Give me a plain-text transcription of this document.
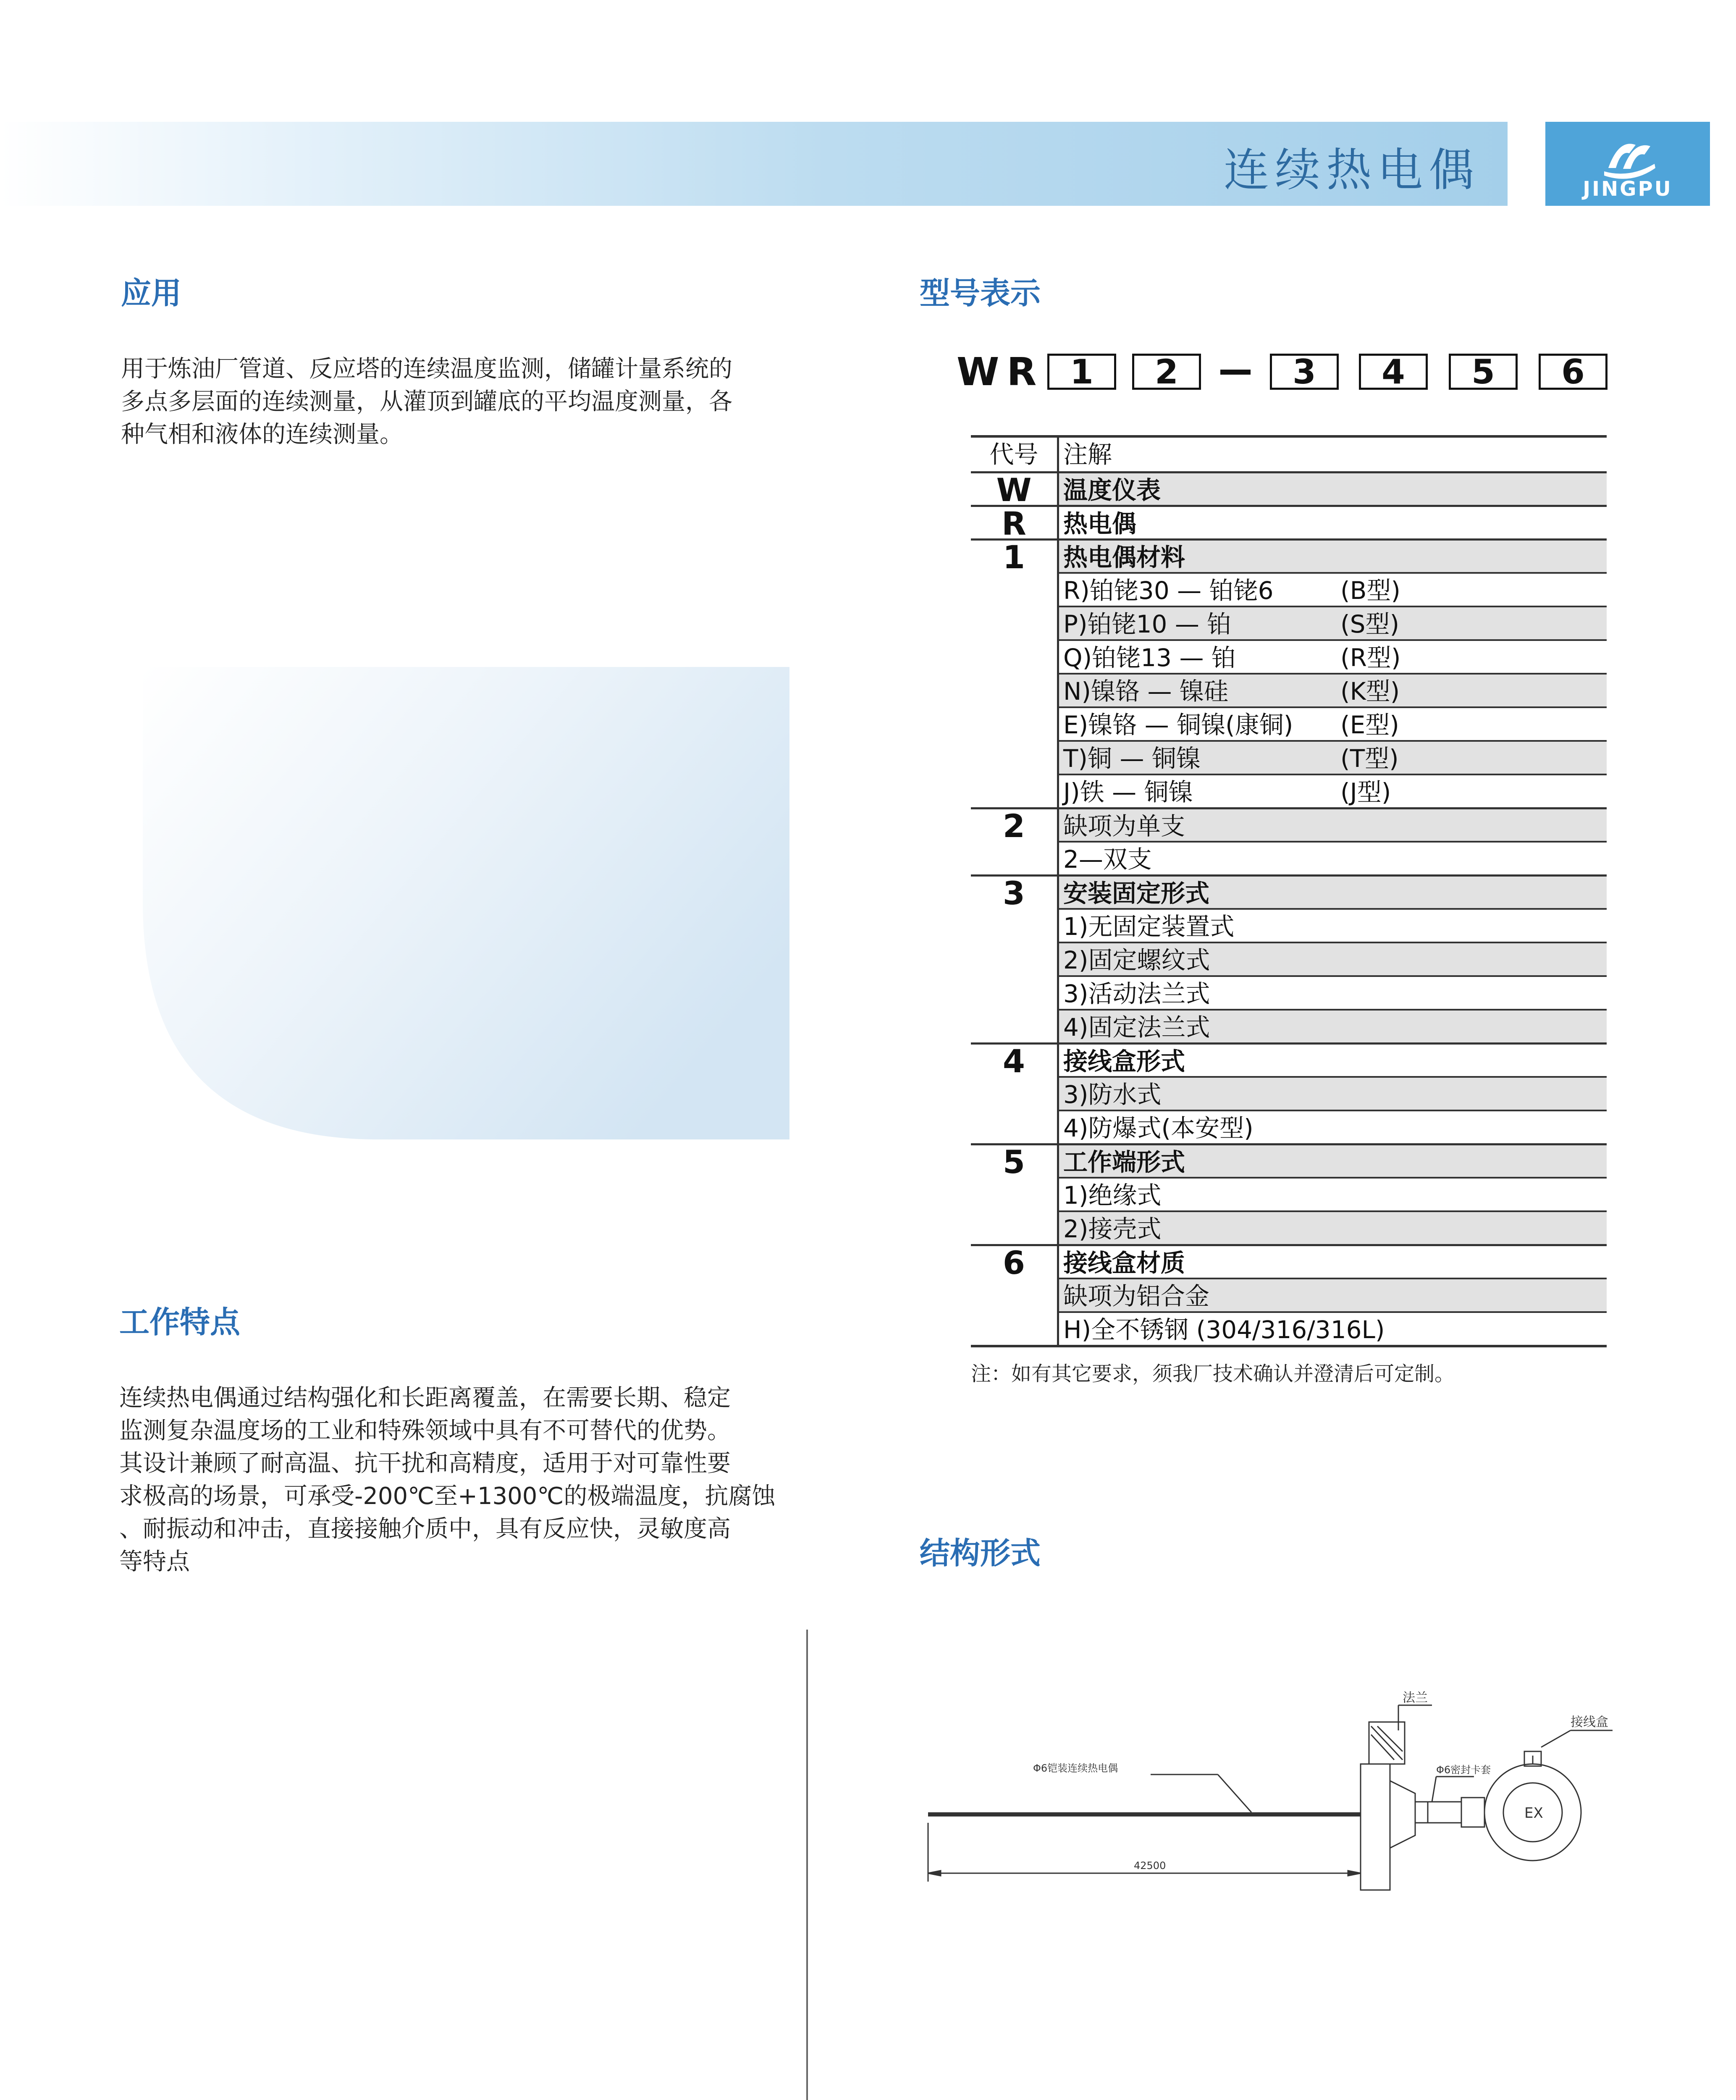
连续热电偶	JINGPU
应用
用于炼油厂管道、反应塔的连续温度监测，储罐计量系统的
多点多层面的连续测量，从灌顶到罐底的平均温度测量，各
种气相和液体的连续测量。
工作特点
连续热电偶通过结构强化和长距离覆盖，在需要长期、稳定
监测复杂温度场的工业和特殊领域中具有不可替代的优势。
其设计兼顾了耐高温、抗干扰和高精度，适用于对可靠性要
求极高的场景，可承受-200℃至+1300℃的极端温度，抗腐蚀
、耐振动和冲击，直接接触介质中，具有反应快，灵敏度高
等特点
型号表示
WR 1	2	3	4	5	6
代号	注解
W	温度仪表
R	热电偶
1	热电偶材料
R)铂铑30 — 铂铑6	(B型)
P)铂铑10 — 铂	(S型)
Q)铂铑13 — 铂	(R型)
N)镍铬 — 镍硅	(K型)
E)镍铬 — 铜镍(康铜) (E型)
T)铜 — 铜镍	(T型)
J)铁 — 铜镍	(J型)
2	缺项为单支
2—双支
3	安装固定形式
1)无固定装置式
2)固定螺纹式
3)活动法兰式
4)固定法兰式
4	接线盒形式
3)防水式
4)防爆式(本安型)
5	工作端形式
1)绝缘式
2)接壳式
6	接线盒材质
缺项为铝合金
H)全不锈钢 (304/316/316L)
注：如有其它要求，须我厂技术确认并澄清后可定制。
结构形式
法兰
接线盒
Φ6铠装连续热电偶	Φ6密封卡套
42500
EX
